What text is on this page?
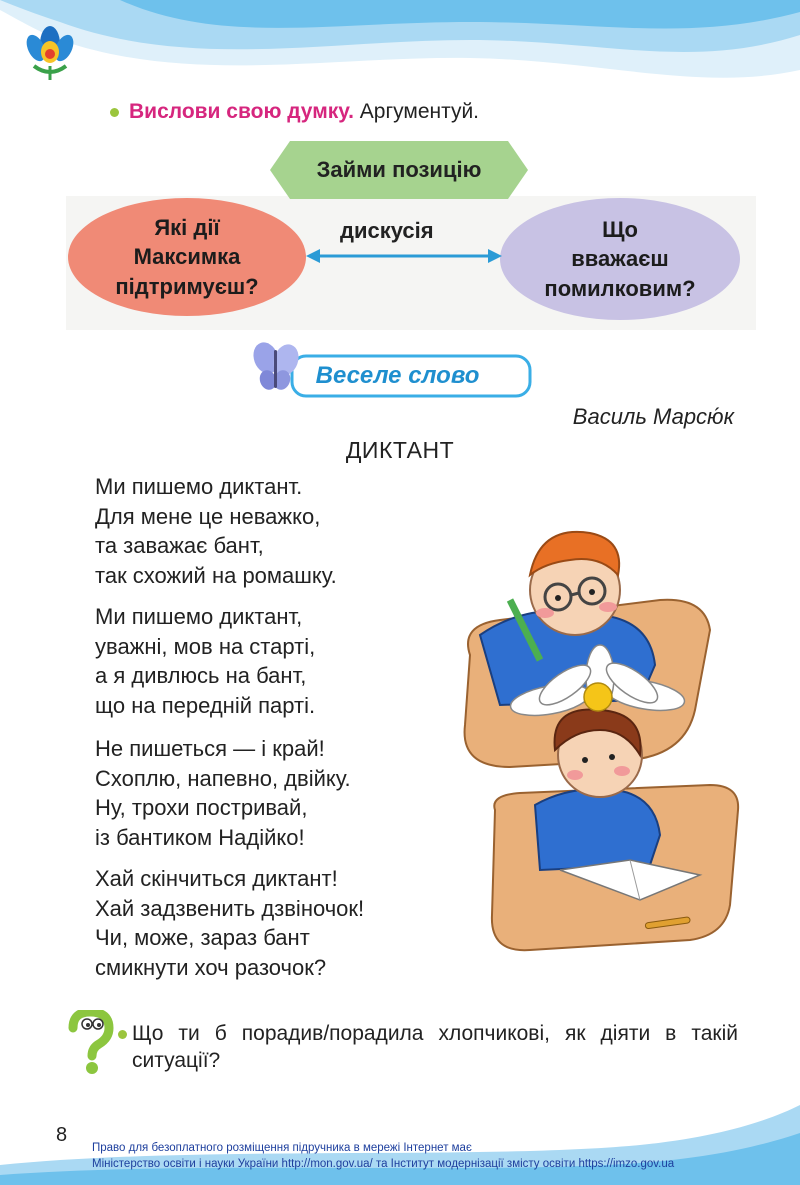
Вислови свою думку. Аргументуй.
Займи позицію
Які дії
Максимка
підтримуєш?
Що
вважаєш
помилковим?
дискусія
Веселе слово
Василь Марсю́к
ДИКТАНТ
Ми пишемо диктант.
Для мене це неважко,
та заважає бант,
так схожий на ромашку.
Ми пишемо диктант,
уважні, мов на старті,
а я дивлюсь на бант,
що на передній парті.
Не пишеться — і край!
Схоплю, напевно, двійку.
Ну, трохи постривай,
із бантиком Надійко!
Хай скінчиться диктант!
Хай задзвенить дзвіночок!
Чи, може, зараз бант
смикнути хоч разочок?
Що ти б порадив/порадила хлопчикові, як діяти в такій ситуації?
8
Право для безоплатного розміщення підручника в мережі Інтернет має
Міністерство освіти і науки України http://mon.gov.ua/ та Інститут модернізації змісту освіти https://imzo.gov.ua
